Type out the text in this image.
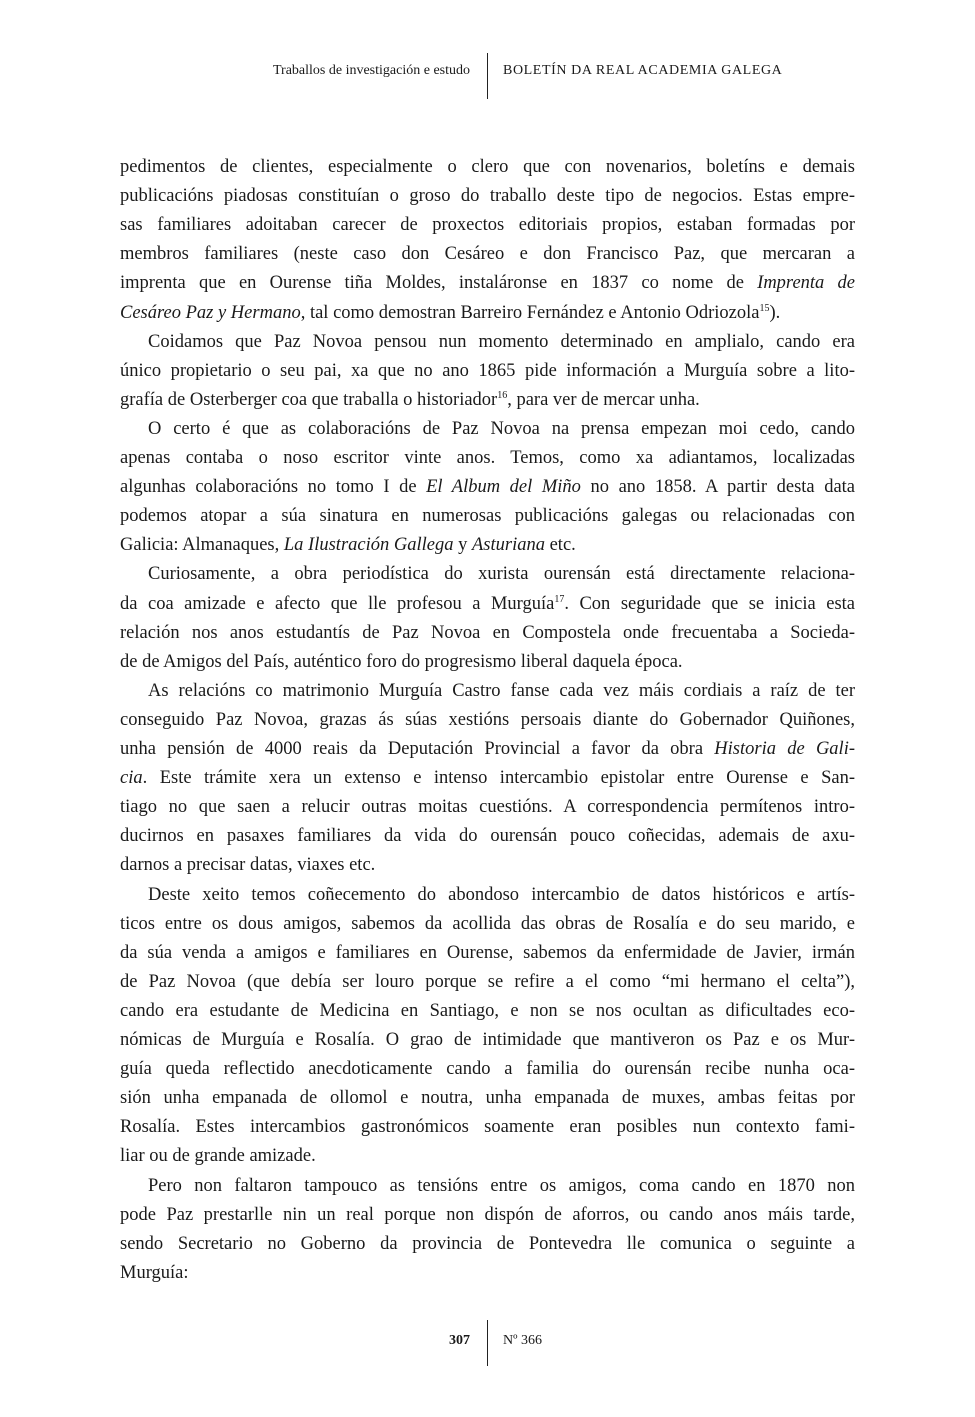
Traballos de investigación e estudo BOLETÍN DA REAL ACADEMIA GALEGA
pedimentos de clientes, especialmente o clero que con novenarios, boletíns e demais
publicacións piadosas constituían o groso do traballo deste tipo de negocios. Estas empre-
sas familiares adoitaban carecer de proxectos editoriais propios, estaban formadas por
membros familiares (neste caso don Cesáreo e don Francisco Paz, que mercaran a
imprenta que en Ourense tiña Moldes, instaláronse en 1837 co nome de Imprenta de
Cesáreo Paz y Hermano, tal como demostran Barreiro Fernández e Antonio Odriozola$^{15}$).
Coidamos que Paz Novoa pensou nun momento determinado en amplialo, cando era
único propietario o seu pai, xa que no ano 1865 pide información a Murguía sobre a lito-
grafía de Osterberger coa que traballa o historiador$^{16}$, para ver de mercar unha.
O certo é que as colaboracións de Paz Novoa na prensa empezan moi cedo, cando
apenas contaba o noso escritor vinte anos. Temos, como xa adiantamos, localizadas
algunhas colaboracións no tomo I de El Album del Miño no ano 1858. A partir desta data
podemos atopar a súa sinatura en numerosas publicacións galegas ou relacionadas con
Galicia: Almanaques, La Ilustración Gallega y Asturiana etc.
Curiosamente, a obra periodística do xurista ourensán está directamente relaciona-
da coa amizade e afecto que lle profesou a Murguía$^{17}$. Con seguridade que se inicia esta
relación nos anos estudantís de Paz Novoa en Compostela onde frecuentaba a Socieda-
de de Amigos del País, auténtico foro do progresismo liberal daquela época.
As relacións co matrimonio Murguía Castro fanse cada vez máis cordiais a raíz de ter
conseguido Paz Novoa, grazas ás súas xestións persoais diante do Gobernador Quiñones,
unha pensión de 4000 reais da Deputación Provincial a favor da obra Historia de Gali-
cia. Este trámite xera un extenso e intenso intercambio epistolar entre Ourense e San-
tiago no que saen a relucir outras moitas cuestións. A correspondencia permítenos intro-
ducirnos en pasaxes familiares da vida do ourensán pouco coñecidas, ademais de axu-
darnos a precisar datas, viaxes etc.
Deste xeito temos coñecemento do abondoso intercambio de datos históricos e artís-
ticos entre os dous amigos, sabemos da acollida das obras de Rosalía e do seu marido, e
da súa venda a amigos e familiares en Ourense, sabemos da enfermidade de Javier, irmán
de Paz Novoa (que debía ser louro porque se refire a el como “mi hermano el celta”),
cando era estudante de Medicina en Santiago, e non se nos ocultan as dificultades eco-
nómicas de Murguía e Rosalía. O grao de intimidade que mantiveron os Paz e os Mur-
guía queda reflectido anecdoticamente cando a familia do ourensán recibe nunha oca-
sión unha empanada de ollomol e noutra, unha empanada de muxes, ambas feitas por
Rosalía. Estes intercambios gastronómicos soamente eran posibles nun contexto fami-
liar ou de grande amizade.
Pero non faltaron tampouco as tensións entre os amigos, coma cando en 1870 non
pode Paz prestarlle nin un real porque non dispón de aforros, ou cando anos máis tarde,
sendo Secretario no Goberno da provincia de Pontevedra lle comunica o seguinte a
Murguía:
307 Nº 366
